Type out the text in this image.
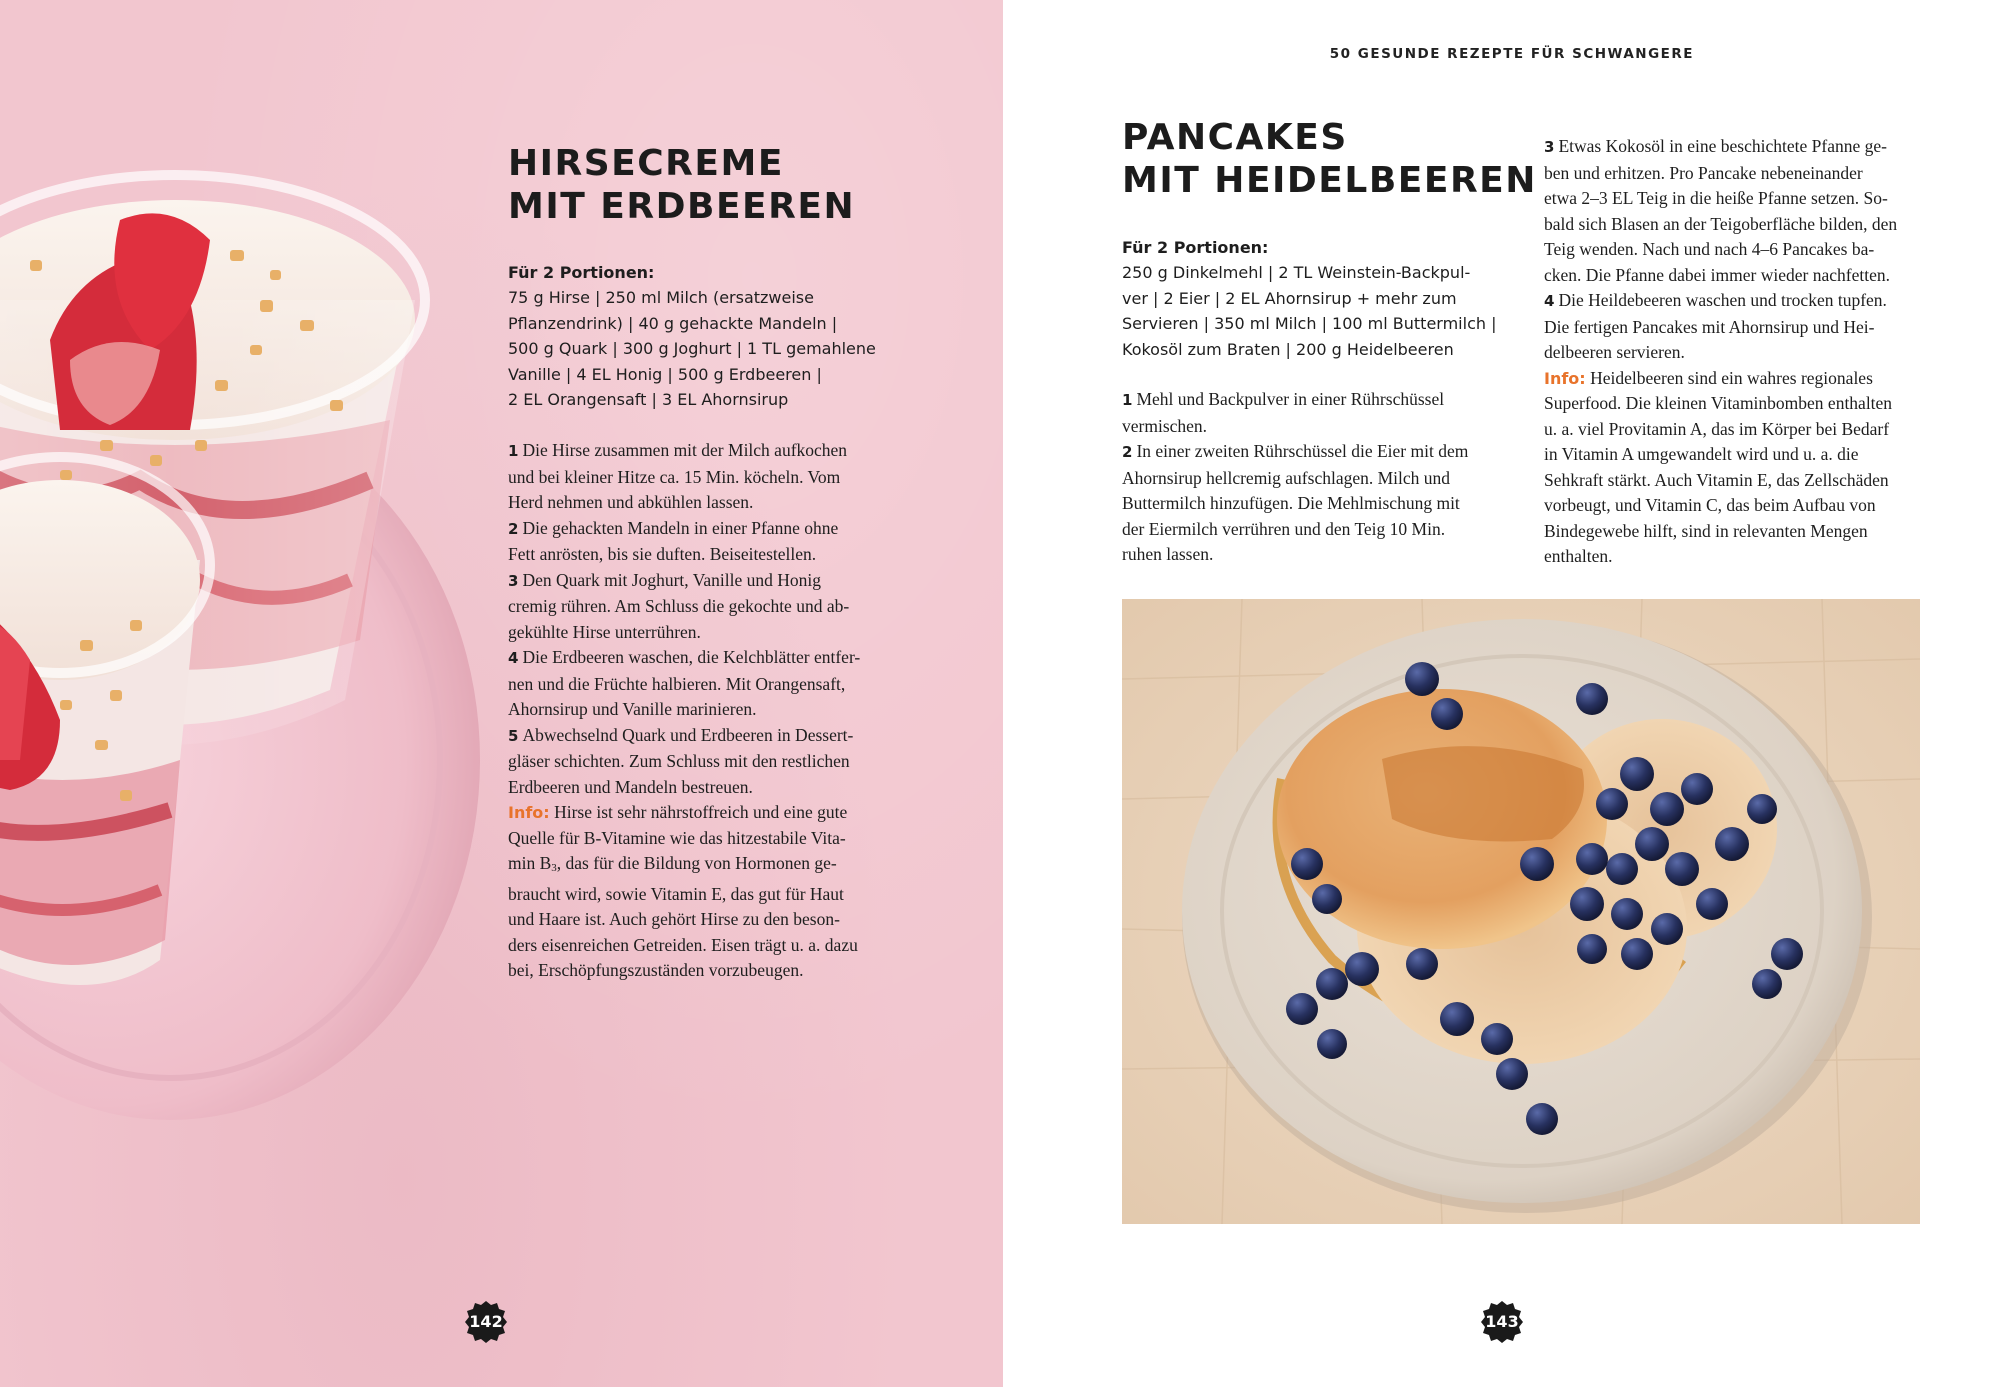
HIRSECREME
MIT ERDBEEREN

Für 2 Portionen:

75 g Hirse | 250 ml Milch (ersatzweise
Pflanzendrink) | 40 g gehackte Mandeln |
500 g Quark | 300 g Joghurt | 1 TL gemahlene
Vanille | 4 EL Honig | 500 g Erdbeeren |
2 EL Orangensaft | 3 EL Ahornsirup

1 Die Hirse zusammen mit der Milch aufkochen

und bei kleiner Hitze ca. 15 Min. köcheln. Vom

Herd nehmen und abkühlen lassen.

2 Die gehackten Mandeln in einer Pfanne ohne

Fett anrösten, bis sie duften. Beiseitestellen.

3 Den Quark mit Joghurt, Vanille und Honig

cremig rühren. Am Schluss die gekochte und ab-

gekühlte Hirse unterrühren.

4 Die Erdbeeren waschen, die Kelchblätter entfer-

nen und die Früchte halbieren. Mit Orangensaft,

Ahornsirup und Vanille marinieren.

5 Abwechselnd Quark und Erdbeeren in Dessert-

gläser schichten. Zum Schluss mit den restlichen

Erdbeeren und Mandeln bestreuen.

Info: Hirse ist sehr nährstoffreich und eine gute

Quelle für B-Vitamine wie das hitzestabile Vita-

min B3, das für die Bildung von Hormonen ge-

braucht wird, sowie Vitamin E, das gut für Haut

und Haare ist. Auch gehört Hirse zu den beson-

ders eisenreichen Getreiden. Eisen trägt u. a. dazu

bei, Erschöpfungszuständen vorzubeugen.

142

50 GESUNDE REZEPTE FÜR SCHWANGERE

PANCAKES
MIT HEIDELBEEREN

Für 2 Portionen:

250 g Dinkelmehl | 2 TL Weinstein-Backpul-
ver | 2 Eier | 2 EL Ahornsirup + mehr zum
Servieren | 350 ml Milch | 100 ml Buttermilch |
Kokosöl zum Braten | 200 g Heidelbeeren

1 Mehl und Backpulver in einer Rührschüssel

vermischen.

2 In einer zweiten Rührschüssel die Eier mit dem

Ahornsirup hellcremig aufschlagen. Milch und

Buttermilch hinzufügen. Die Mehlmischung mit

der Eiermilch verrühren und den Teig 10 Min.

ruhen lassen.

3 Etwas Kokosöl in eine beschichtete Pfanne ge-

ben und erhitzen. Pro Pancake nebeneinander

etwa 2–3 EL Teig in die heiße Pfanne setzen. So-

bald sich Blasen an der Teigoberfläche bilden, den

Teig wenden. Nach und nach 4–6 Pancakes ba-

cken. Die Pfanne dabei immer wieder nachfetten.

4 Die Heildebeeren waschen und trocken tupfen.

Die fertigen Pancakes mit Ahornsirup und Hei-

delbeeren servieren.

Info: Heidelbeeren sind ein wahres regionales

Superfood. Die kleinen Vitaminbomben enthalten

u. a. viel Provitamin A, das im Körper bei Bedarf

in Vitamin A umgewandelt wird und u. a. die

Sehkraft stärkt. Auch Vitamin E, das Zellschäden

vorbeugt, und Vitamin C, das beim Aufbau von

Bindegewebe hilft, sind in relevanten Mengen

enthalten.

143
